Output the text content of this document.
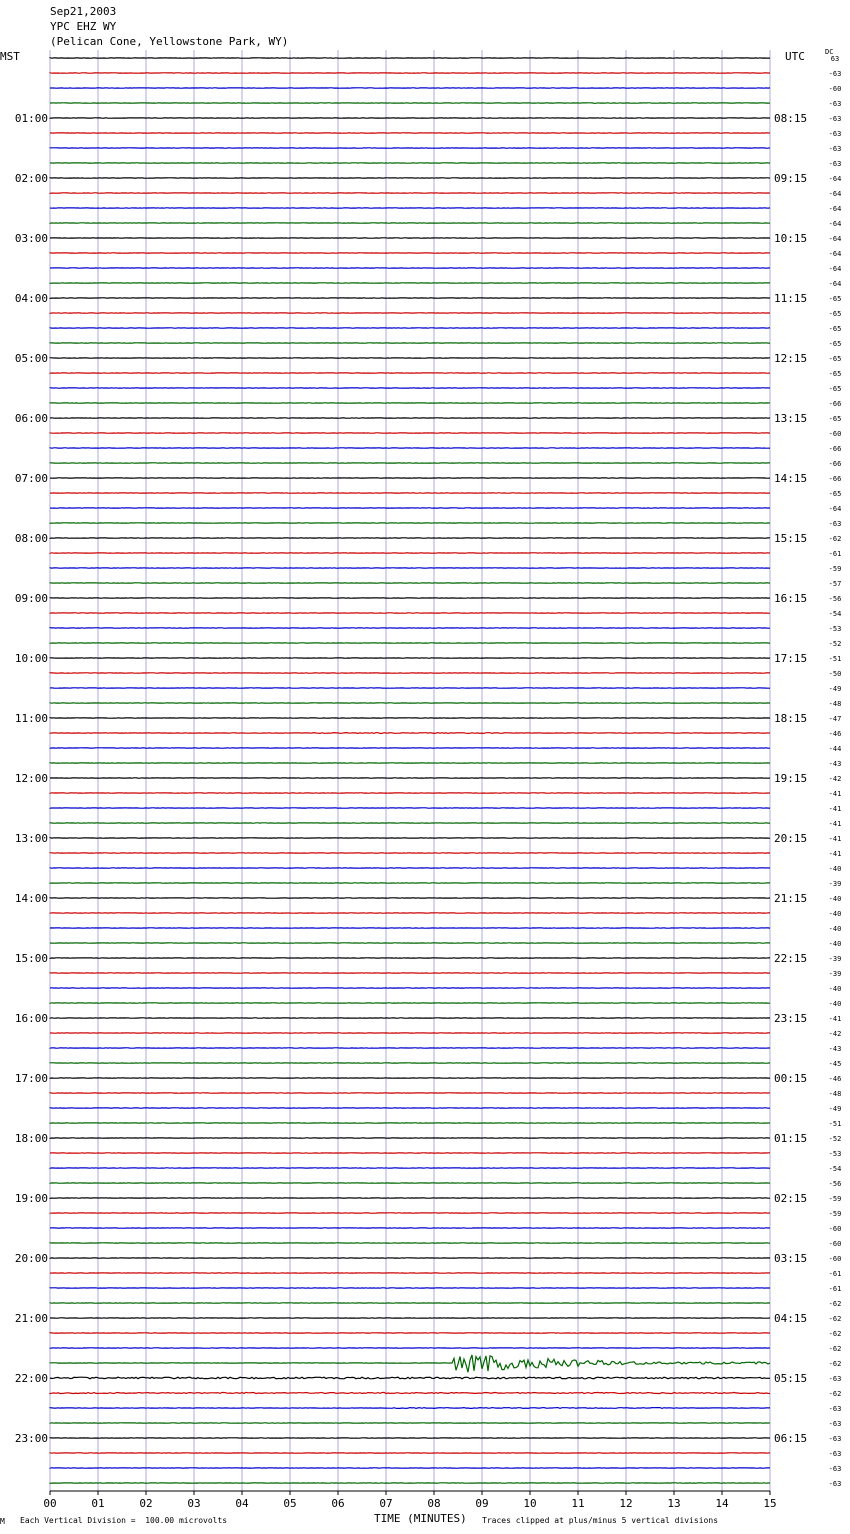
Sep21,2003
YPC EHZ WY
(Pelican Cone, Yellowstone Park, WY)
MST	UTC	DC
63
-63
-60
-63
-63
-63
-63
-63
-64
-64
-64
-64
-64
-64
-64
-64
-65
-65
-65
-65
-65
-65
-65
-66
-65
-60
-66
-66
-66
-65
-64
-63
-62
-61
-59
-57
-56
-54
-53
-52
-51
-50
-49
-48
-47
-46
-44
-43
-42
-41
-41
-41
-41
-41
-40
-39
-40
-40
-40
-40
-39
-39
-40
-40
-41
-42
-43
-45
-46
-48
-49
-51
-52
-53
-54
-56
-59
-59
-60
-60
-60
-61
-61
-62
-62
-62
-62
-62
-63
-62
-63
-63
-63
-63
-63
-63
01:00
02:00
03:00
04:00
05:00
06:00
07:00
08:00
09:00
10:00
11:00
12:00
13:00
14:00
15:00
16:00
17:00
18:00
19:00
20:00
21:00
22:00
23:00
08:15
09:15
10:15
11:15
12:15
13:15
14:15
15:15
16:15
17:15
18:15
19:15
20:15
21:15
22:15
23:15
00:15
01:15
02:15
03:15
04:15
05:15
06:15
00	01	02	03	04	05	06	07	08	09	10	11	12	13	14	15
M Each Vertical Division =  100.00 microvolts	TIME (MINUTES) Traces clipped at plus/minus 5 vertical divisions
